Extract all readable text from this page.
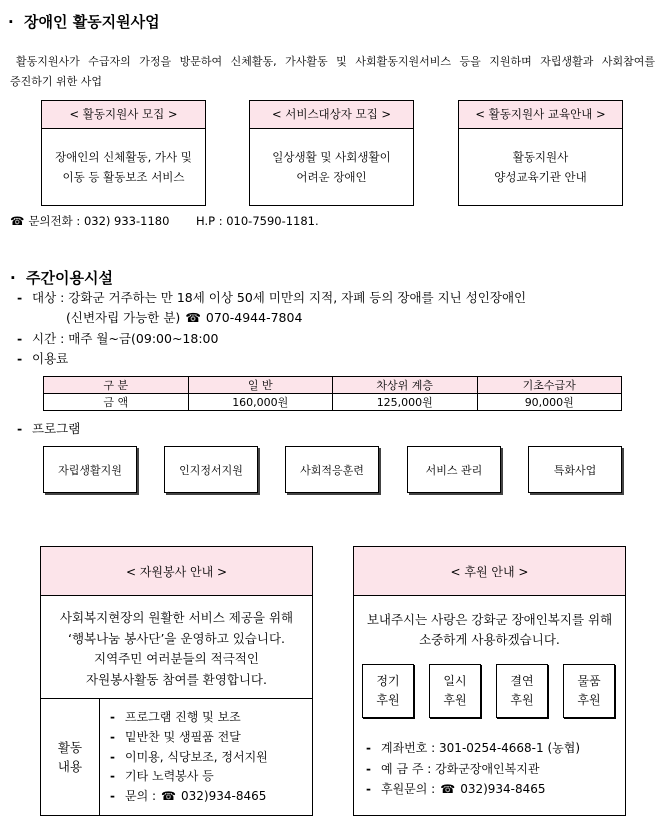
· 장애인 활동지원사업
활동지원사가 수급자의 가정을 방문하여 신체활동, 가사활동 및 사회활동지원서비스 등을 지원하며 자립생활과 사회참여를
증진하기 위한 사업
< 활동지원사 모집 >
장애인의 신체활동, 가사 및
이동 등 활동보조 서비스
< 서비스대상자 모집 >
일상생활 및 사회생활이
어려운 장애인
< 활동지원사 교육안내 >
활동지원사
양성교육기관 안내
☎ 문의전화 : 032) 933-1180 H.P : 010-7590-1181.
· 주간이용시설
- 대상 : 강화군 거주하는 만 18세 이상 50세 미만의 지적, 자폐 등의 장애를 지닌 성인장애인
(신변자립 가능한 분) ☎ 070-4944-7804
- 시간 : 매주 월~금(09:00~18:00
- 이용료
구 분	일 반	차상위 계층	기초수급자
금 액	160,000원	125,000원	90,000원
- 프로그램
자립생활지원	인지정서지원	사회적응훈련	서비스 관리	특화사업
< 자원봉사 안내 >
사회복지현장의 원활한 서비스 제공을 위해
‘행복나눔 봉사단’을 운영하고 있습니다.
지역주민 여러분들의 적극적인
자원봉사활동 참여를 환영합니다.
활동
내용
- 프로그램 진행 및 보조
- 밑반찬 및 생필품 전달
- 이미용, 식당보조, 정서지원
- 기타 노력봉사 등
- 문의 : ☎ 032)934-8465
< 후원 안내 >
보내주시는 사랑은 강화군 장애인복지를 위해
소중하게 사용하겠습니다.
정기
후원
일시
후원
결연
후원
물품
후원
- 계좌번호 : 301-0254-4668-1 (농협)
- 예 금 주 : 강화군장애인복지관
- 후원문의 : ☎ 032)934-8465
